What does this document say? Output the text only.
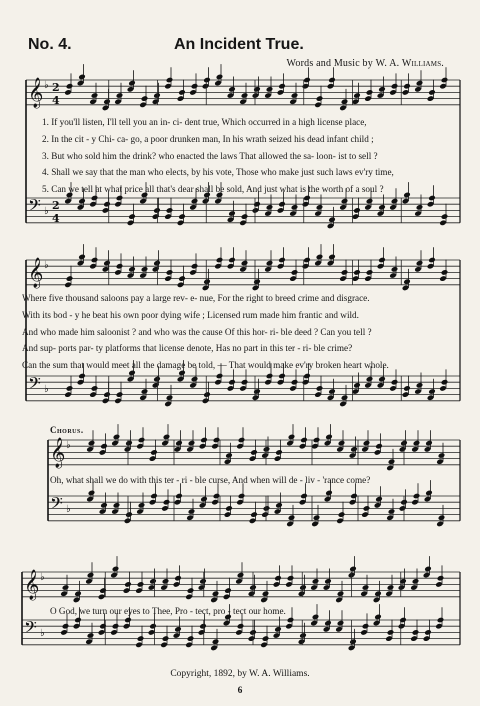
No. 4.	An Incident True.
Words and Music by W. A. Williams.
𝄞 ♭ 2
4
𝄢 ♭ 2
4
𝄞 ♭
𝄢 ♭
𝄞 ♭
𝄢 ♭
𝄞 ♭
𝄢 ♭
1. If you'll listen, I'll tell you an in- ci- dent true, Which occurred in a high license place,
2. In the cit - y Chi- ca- go, a poor drunken man, In his wrath seized his dead infant child ;
3. But who sold him the drink? who enacted the laws That allowed the sa- loon- ist to sell ?
4. Shall we say that the man who elects, by his vote, Those who make just such laws ev'ry time,
5. Can we tell at what price all that's dear shall be sold, And just what is the worth of a soul ?
Where five thousand saloons pay a large rev- e- nue, For the right to breed crime and disgrace.
With its bod - y he beat his own poor dying wife ; Licensed rum made him frantic and wild.
And who made him saloonist ? and who was the cause Of this hor- ri- ble deed ? Can you tell ?
And sup- ports par- ty platforms that license denote, Has no part in this ter - ri- ble crime?
Can the sum that would meet all the damage be told, — That would make ev'ry broken heart whole.
Chorus.
Oh, what shall we do with this ter - ri - ble curse, And when will de - liv - 'rance come?
O God, we turn our eyes to Thee, Pro - tect, pro - tect our home.
Copyright, 1892, by W. A. Williams.
6
